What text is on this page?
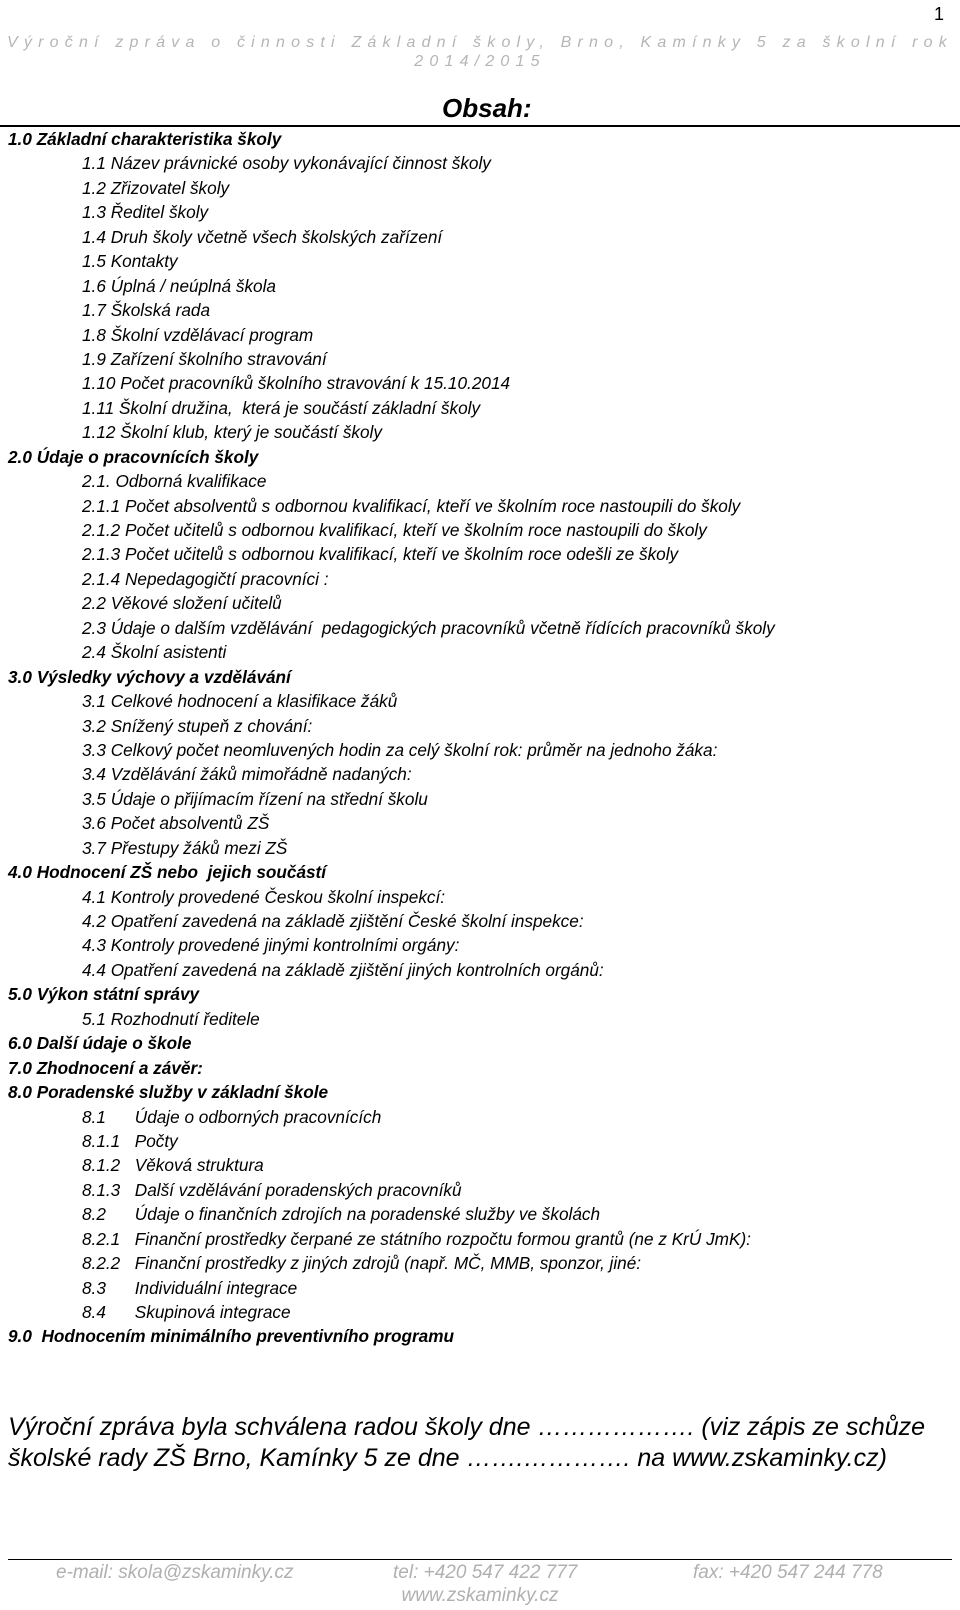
1
Výroční zpráva o činnosti Základní školy, Brno, Kamínky 5 za školní rok
2014/2015
Obsah:
1.0 Základní charakteristika školy
1.1 Název právnické osoby vykonávající činnost školy
1.2 Zřizovatel školy
1.3 Ředitel školy
1.4 Druh školy včetně všech školských zařízení
1.5 Kontakty
1.6 Úplná / neúplná škola
1.7 Školská rada
1.8 Školní vzdělávací program
1.9 Zařízení školního stravování
1.10 Počet pracovníků školního stravování k 15.10.2014
1.11 Školní družina,  která je součástí základní školy
1.12 Školní klub, který je součástí školy
2.0 Údaje o pracovnících školy
2.1. Odborná kvalifikace
2.1.1 Počet absolventů s odbornou kvalifikací, kteří ve školním roce nastoupili do školy
2.1.2 Počet učitelů s odbornou kvalifikací, kteří ve školním roce nastoupili do školy
2.1.3 Počet učitelů s odbornou kvalifikací, kteří ve školním roce odešli ze školy
2.1.4 Nepedagogičtí pracovníci :
2.2 Věkové složení učitelů
2.3 Údaje o dalším vzdělávání  pedagogických pracovníků včetně řídících pracovníků školy
2.4 Školní asistenti
3.0 Výsledky výchovy a vzdělávání
3.1 Celkové hodnocení a klasifikace žáků
3.2 Snížený stupeň z chování:
3.3 Celkový počet neomluvených hodin za celý školní rok: průměr na jednoho žáka:
3.4 Vzdělávání žáků mimořádně nadaných:
3.5 Údaje o přijímacím řízení na střední školu
3.6 Počet absolventů ZŠ
3.7 Přestupy žáků mezi ZŠ
4.0 Hodnocení ZŠ nebo  jejich součástí
4.1 Kontroly provedené Českou školní inspekcí:
4.2 Opatření zavedená na základě zjištění České školní inspekce:
4.3 Kontroly provedené jinými kontrolními orgány:
4.4 Opatření zavedená na základě zjištění jiných kontrolních orgánů:
5.0 Výkon státní správy
5.1 Rozhodnutí ředitele
6.0 Další údaje o škole
7.0 Zhodnocení a závěr:
8.0 Poradenské služby v základní škole
8.1 Údaje o odborných pracovnících
8.1.1 Počty
8.1.2 Věková struktura
8.1.3 Další vzdělávání poradenských pracovníků
8.2 Údaje o finančních zdrojích na poradenské služby ve školách
8.2.1 Finanční prostředky čerpané ze státního rozpočtu formou grantů (ne z KrÚ JmK):
8.2.2 Finanční prostředky z jiných zdrojů (např. MČ, MMB, sponzor, jiné:
8.3 Individuální integrace
8.4 Skupinová integrace
9.0  Hodnocením minimálního preventivního programu
Výroční zpráva byla schválena radou školy dne ………………. (viz zápis ze schůze
školské rady ZŠ Brno, Kamínky 5 ze dne …….…………. na www.zskaminky.cz)
e-mail: skola@zskaminky.cz	tel: +420 547 422 777	fax: +420 547 244 778
www.zskaminky.cz
